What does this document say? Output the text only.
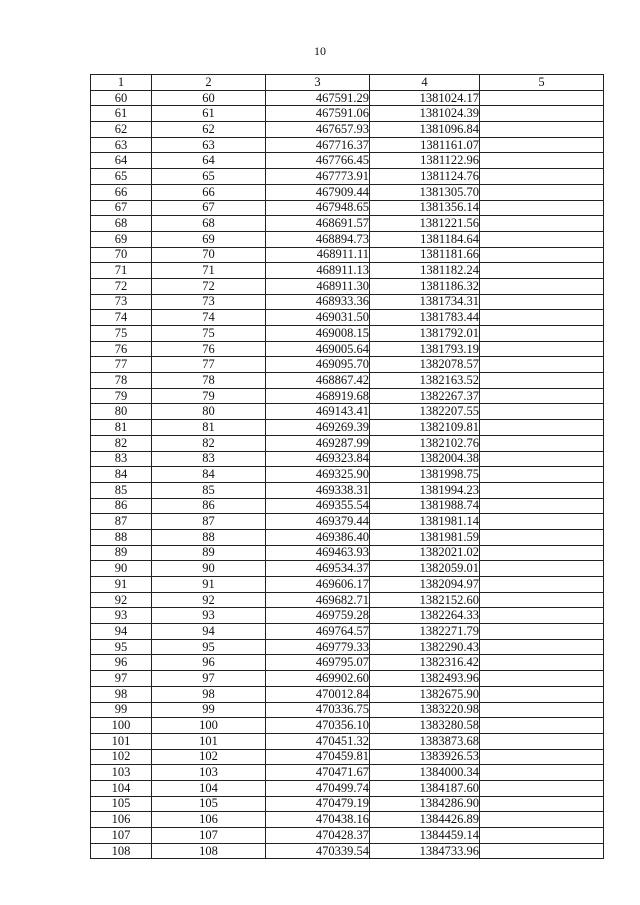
10
1	2	3	4	5
60	60	467591.29	1381024.17	
61	61	467591.06	1381024.39	
62	62	467657.93	1381096.84	
63	63	467716.37	1381161.07	
64	64	467766.45	1381122.96	
65	65	467773.91	1381124.76	
66	66	467909.44	1381305.70	
67	67	467948.65	1381356.14	
68	68	468691.57	1381221.56	
69	69	468894.73	1381184.64	
70	70	468911.11	1381181.66	
71	71	468911.13	1381182.24	
72	72	468911.30	1381186.32	
73	73	468933.36	1381734.31	
74	74	469031.50	1381783.44	
75	75	469008.15	1381792.01	
76	76	469005.64	1381793.19	
77	77	469095.70	1382078.57	
78	78	468867.42	1382163.52	
79	79	468919.68	1382267.37	
80	80	469143.41	1382207.55	
81	81	469269.39	1382109.81	
82	82	469287.99	1382102.76	
83	83	469323.84	1382004.38	
84	84	469325.90	1381998.75	
85	85	469338.31	1381994.23	
86	86	469355.54	1381988.74	
87	87	469379.44	1381981.14	
88	88	469386.40	1381981.59	
89	89	469463.93	1382021.02	
90	90	469534.37	1382059.01	
91	91	469606.17	1382094.97	
92	92	469682.71	1382152.60	
93	93	469759.28	1382264.33	
94	94	469764.57	1382271.79	
95	95	469779.33	1382290.43	
96	96	469795.07	1382316.42	
97	97	469902.60	1382493.96	
98	98	470012.84	1382675.90	
99	99	470336.75	1383220.98	
100	100	470356.10	1383280.58	
101	101	470451.32	1383873.68	
102	102	470459.81	1383926.53	
103	103	470471.67	1384000.34	
104	104	470499.74	1384187.60	
105	105	470479.19	1384286.90	
106	106	470438.16	1384426.89	
107	107	470428.37	1384459.14	
108	108	470339.54	1384733.96	
